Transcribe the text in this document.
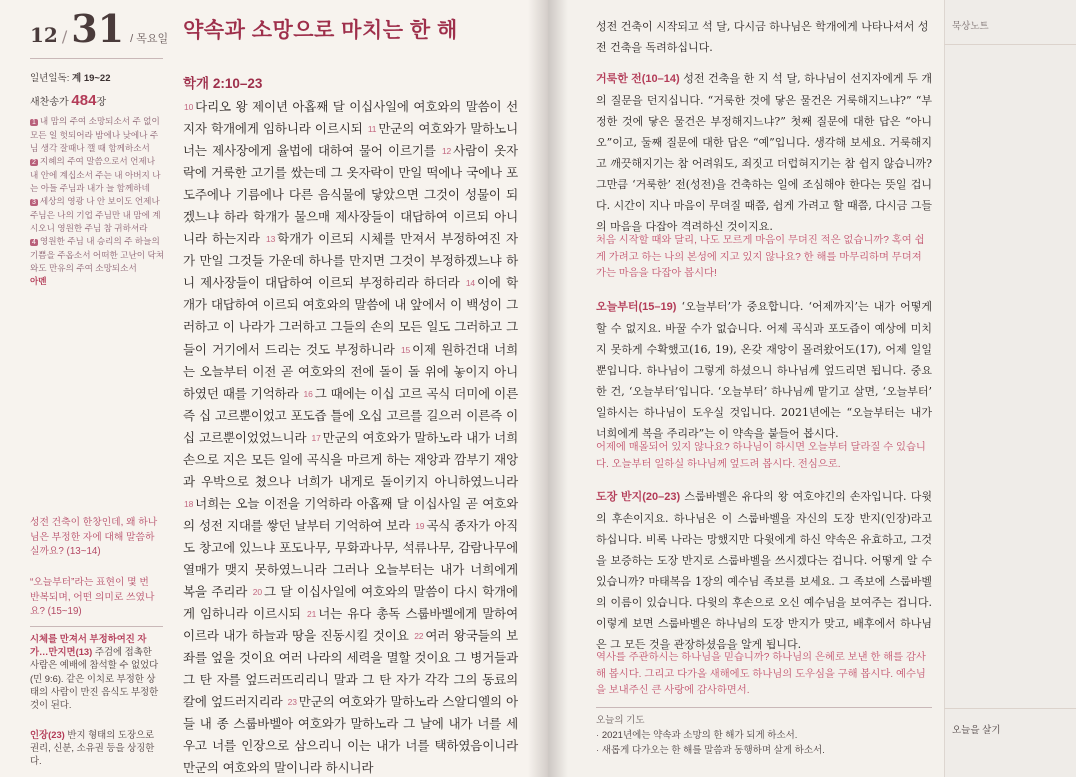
12 / 31 / 목요일
일년일독: 계 19~22
새찬송가 484장
1 내 맘의 주여 소망되소서 주 없이 모든 일 헛되어라 밤에나 낮에나 주님 생각 잘때나 깰 때 함께하소서
2 지혜의 주여 말씀으로서 언제나 내 안에 계십소서 주는 내 아버지 나는 아들 주님과 내가 늘 함께하네
3 세상의 영광 나 안 보이도 언제나 주님은 나의 기업 주님만 내 맘에 계시오니 영원한 주님 참 귀하셔라
4 영원한 주님 내 승리의 주 하늘의 기쁨을 주옵소서 어떠한 고난이 닥쳐와도 만유의 주여 소망되소서
아멘
성전 건축이 한창인데, 왜 하나님은 부정한 자에 대해 말씀하실까요? (13~14)
“오늘부터”라는 표현이 몇 번 반복되며, 어떤 의미로 쓰였나요? (15~19)
시체를 만져서 부정하여진 자가…만지면(13) 주검에 접촉한 사람은 예배에 참석할 수 없었다(민 9:6). 같은 이치로 부정한 상태의 사람이 만진 음식도 부정한 것이 된다.
인장(23) 반지 형태의 도장으로 권리, 신분, 소유권 등을 상징한다.
약속과 소망으로 마치는 한 해
학개 2:10–23
10 다리오 왕 제이년 아홉째 달 이십사일에 여호와의 말씀이 선지자 학개에게 임하니라 이르시되 11 만군의 여호와가 말하노니 너는 제사장에게 율법에 대하여 물어 이르기를 12 사람이 옷자락에 거룩한 고기를 쌌는데 그 옷자락이 만일 떡에나 국에나 포도주에나 기름에나 다른 음식물에 닿았으면 그것이 성물이 되겠느냐 하라 학개가 물으매 제사장들이 대답하여 이르되 아니니라 하는지라 13 학개가 이르되 시체를 만져서 부정하여진 자가 만일 그것들 가운데 하나를 만지면 그것이 부정하겠느냐 하니 제사장들이 대답하여 이르되 부정하리라 하더라 14 이에 학개가 대답하여 이르되 여호와의 말씀에 내 앞에서 이 백성이 그러하고 이 나라가 그러하고 그들의 손의 모든 일도 그러하고 그들이 거기에서 드리는 것도 부정하니라 15 이제 원하건대 너희는 오늘부터 이전 곧 여호와의 전에 돌이 돌 위에 놓이지 아니하였던 때를 기억하라 16 그 때에는 이십 고르 곡식 더미에 이른즉 십 고르뿐이었고 포도즙 틀에 오십 고르를 길으러 이른즉 이십 고르뿐이었었느니라 17 만군의 여호와가 말하노라 내가 너희 손으로 지은 모든 일에 곡식을 마르게 하는 재앙과 깜부기 재앙과 우박으로 쳤으나 너희가 내게로 돌이키지 아니하였느니라 18 너희는 오늘 이전을 기억하라 아홉째 달 이십사일 곧 여호와의 성전 지대를 쌓던 날부터 기억하여 보라 19 곡식 종자가 아직도 창고에 있느냐 포도나무, 무화과나무, 석류나무, 감람나무에 열매가 맺지 못하였느니라 그러나 오늘부터는 내가 너희에게 복을 주리라 20 그 달 이십사일에 여호와의 말씀이 다시 학개에게 임하니라 이르시되 21 너는 유다 총독 스룹바벨에게 말하여 이르라 내가 하늘과 땅을 진동시킬 것이요 22 여러 왕국들의 보좌를 엎을 것이요 여러 나라의 세력을 멸할 것이요 그 병거들과 그 탄 자를 엎드러뜨리리니 말과 그 탄 자가 각각 그의 동료의 칼에 엎드러지리라 23 만군의 여호와가 말하노라 스알디엘의 아들 내 종 스룹바벨아 여호와가 말하노라 그 날에 내가 너를 세우고 너를 인장으로 삼으리니 이는 내가 너를 택하였음이니라 만군의 여호와의 말이니라 하시니라
성전 건축이 시작되고 석 달, 다시금 하나님은 학개에게 나타나셔서 성전 건축을 독려하십니다.
거룩한 전(10–14) 성전 건축을 한 지 석 달, 하나님이 선지자에게 두 개의 질문을 던지십니다. “거룩한 것에 닿은 물건은 거룩해지느냐?” “부정한 것에 닿은 물건은 부정해지느냐?” 첫째 질문에 대한 답은 “아니오”이고, 둘째 질문에 대한 답은 “예”입니다. 생각해 보세요. 거룩해지고 깨끗해지기는 참 어려워도, 죄짓고 더럽혀지기는 참 쉽지 않습니까? 그만큼 ‘거룩한’ 전(성전)을 건축하는 일에 조심해야 한다는 뜻일 겁니다. 시간이 지나 마음이 무뎌질 때쯤, 쉽게 가려고 할 때쯤, 다시금 그들의 마음을 다잡아 격려하신 것이지요.
처음 시작할 때와 달리, 나도 모르게 마음이 무뎌진 적은 없습니까? 혹여 쉽게 가려고 하는 나의 본성에 지고 있지 않나요? 한 해를 마무리하며 무뎌져 가는 마음을 다잡아 봅시다!
오늘부터(15–19) ‘오늘부터’가 중요합니다. ‘어제까지’는 내가 어떻게 할 수 없지요. 바꿀 수가 없습니다. 어제 곡식과 포도즙이 예상에 미치지 못하게 수확했고(16, 19), 온갖 재앙이 몰려왔어도(17), 어제 일일 뿐입니다. 하나님이 그렇게 하셨으니 하나님께 엎드리면 됩니다. 중요한 건, ‘오늘부터’입니다. ‘오늘부터’ 하나님께 맡기고 살면, ‘오늘부터’ 일하시는 하나님이 도우실 것입니다. 2021년에는 “오늘부터는 내가 너희에게 복을 주리라”는 이 약속을 붙들어 봅시다.
어제에 매몰되어 있지 않나요? 하나님이 하시면 오늘부터 달라질 수 있습니다. 오늘부터 일하실 하나님께 엎드려 봅시다. 전심으로.
도장 반지(20–23) 스룹바벨은 유다의 왕 여호야긴의 손자입니다. 다윗의 후손이지요. 하나님은 이 스룹바벨을 자신의 도장 반지(인장)라고 하십니다. 비록 나라는 망했지만 다윗에게 하신 약속은 유효하고, 그것을 보증하는 도장 반지로 스룹바벨을 쓰시겠다는 겁니다. 어떻게 알 수 있습니까? 마태복음 1장의 예수님 족보를 보세요. 그 족보에 스룹바벨의 이름이 있습니다. 다윗의 후손으로 오신 예수님을 보여주는 겁니다. 이렇게 보면 스룹바벨은 하나님의 도장 반지가 맞고, 배후에서 하나님은 그 모든 것을 관장하셨음을 알게 됩니다.
역사를 주관하시는 하나님을 믿습니까? 하나님의 은혜로 보낸 한 해를 감사해 봅시다. 그리고 다가올 새해에도 하나님의 도우심을 구해 봅시다. 예수님을 보내주신 큰 사랑에 감사하면서.
오늘의 기도
· 2021년에는 약속과 소망의 한 해가 되게 하소서.
· 새롭게 다가오는 한 해를 말씀과 동행하며 살게 하소서.
묵상노트
오늘을 살기
